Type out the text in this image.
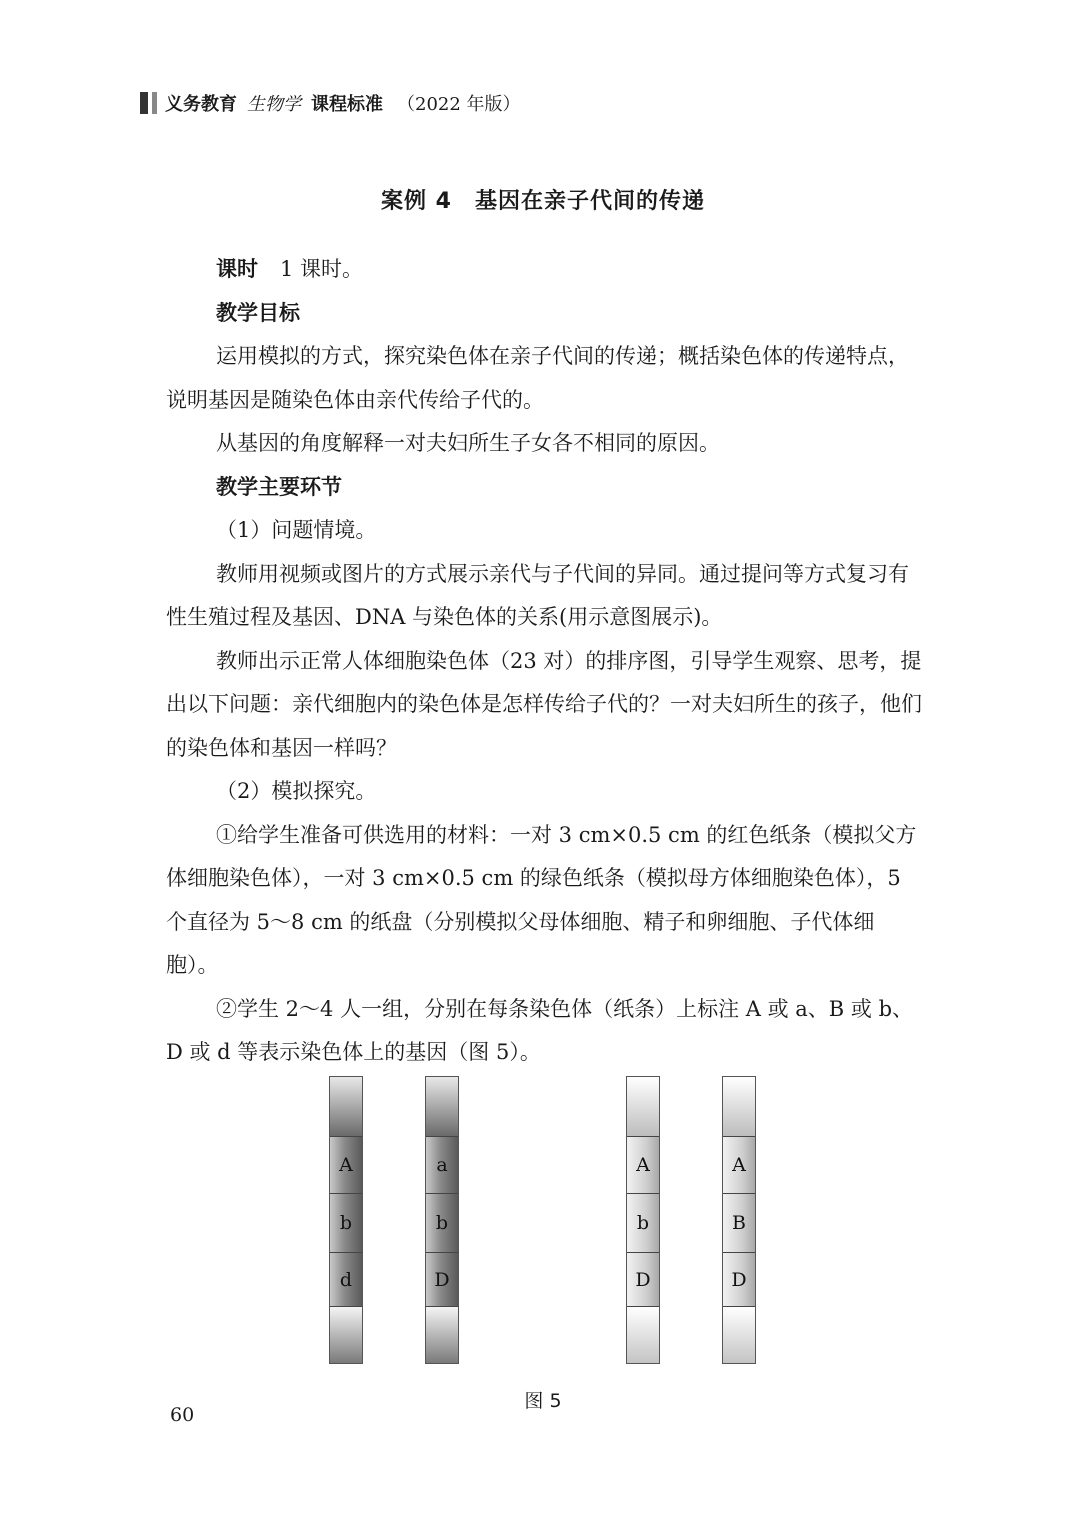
义务教育 生物学 课程标准 （2022 年版）
案例 4　基因在亲子代间的传递

课时 1 课时。

教学目标

运用模拟的方式，探究染色体在亲子代间的传递；概括染色体的传递特点，说明基因是随染色体由亲代传给子代的。

从基因的角度解释一对夫妇所生子女各不相同的原因。

教学主要环节

（1）问题情境。

教师用视频或图片的方式展示亲代与子代间的异同。通过提问等方式复习有性生殖过程及基因、DNA 与染色体的关系(用示意图展示)。

教师出示正常人体细胞染色体（23 对）的排序图，引导学生观察、思考，提出以下问题：亲代细胞内的染色体是怎样传给子代的？一对夫妇所生的孩子，他们的染色体和基因一样吗？

（2）模拟探究。

①给学生准备可供选用的材料：一对 3 cm×0.5 cm 的红色纸条（模拟父方体细胞染色体），一对 3 cm×0.5 cm 的绿色纸条（模拟母方体细胞染色体），5 个直径为 5～8 cm 的纸盘（分别模拟父母体细胞、精子和卵细胞、子代体细胞）。

②学生 2～4 人一组，分别在每条染色体（纸条）上标注 A 或 a、B 或 b、D 或 d 等表示染色体上的基因（图 5）。

A
b
d
a
b
D
A
b
D
A
B
D
图 5
60
